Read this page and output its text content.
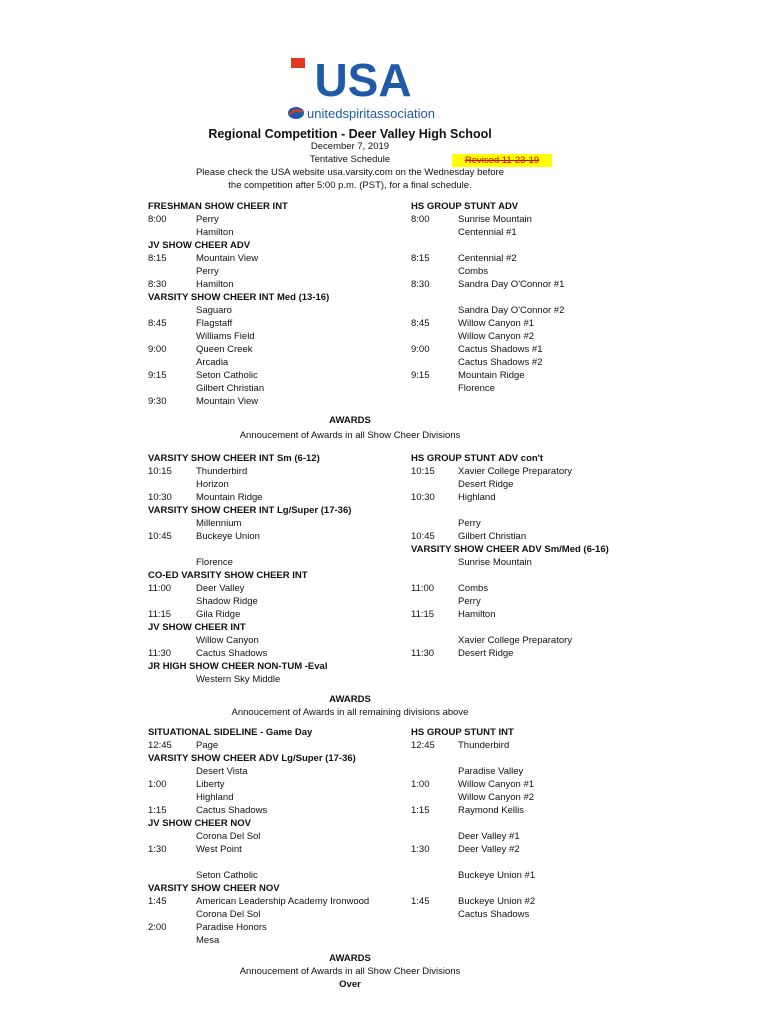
USA
unitedspiritassociation
Regional Competition - Deer Valley High School
December 7, 2019
Tentative Schedule	Revised 11-23-19
Please check the USA website usa.varsity.com on the Wednesday before
the competition after 5:00 p.m. (PST), for a final schedule.
FRESHMAN SHOW CHEER INT
8:00	Perry
Hamilton
JV SHOW CHEER ADV
8:15	Mountain View
Perry
8:30	Hamilton
VARSITY SHOW CHEER INT Med (13-16)
Saguaro
8:45	Flagstaff
Williams Field
9:00	Queen Creek
Arcadia
9:15	Seton Catholic
Gilbert Christian
9:30	Mountain View
HS GROUP STUNT ADV
8:00	Sunrise Mountain
Centennial #1
8:15	Centennial #2
Combs
8:30	Sandra Day O'Connor #1
Sandra Day O'Connor #2
8:45	Willow Canyon #1
Willow Canyon #2
9:00	Cactus Shadows #1
Cactus Shadows #2
9:15	Mountain Ridge
Florence
VARSITY SHOW CHEER INT Sm (6-12)
10:15	Thunderbird
Horizon
10:30	Mountain Ridge
VARSITY SHOW CHEER INT Lg/Super (17-36)
Millennium
10:45	Buckeye Union
Florence
CO-ED VARSITY SHOW CHEER INT
11:00	Deer Valley
Shadow Ridge
11:15	Gila Ridge
JV SHOW CHEER INT
Willow Canyon
11:30	Cactus Shadows
JR HIGH SHOW CHEER NON-TUM -Eval
Western Sky Middle
HS GROUP STUNT ADV con't
10:15 Xavier College Preparatory
Desert Ridge
10:30 Highland
Perry
10:45 Gilbert Christian
VARSITY SHOW CHEER ADV Sm/Med (6-16)
Sunrise Mountain
11:00	Combs
Perry
11:15	Hamilton
Xavier College Preparatory
11:30	Desert Ridge
SITUATIONAL SIDELINE - Game Day
12:45	Page
VARSITY SHOW CHEER ADV Lg/Super (17-36)
Desert Vista
1:00	Liberty
Highland
1:15	Cactus Shadows
JV SHOW CHEER NOV
Corona Del Sol
1:30	West Point
Seton Catholic
VARSITY SHOW CHEER NOV
1:45	American Leadership Academy Ironwood
Corona Del Sol
2:00	Paradise Honors
Mesa
HS GROUP STUNT INT
12:45 Thunderbird
Paradise Valley
1:00	Willow Canyon #1
Willow Canyon #2
1:15	Raymond Kellis
Deer Valley #1
1:30	Deer Valley #2
Buckeye Union #1
1:45	Buckeye Union #2
Cactus Shadows
AWARDS
Annoucement of Awards in all Show Cheer Divisions
AWARDS
Annoucement of Awards in all remaining divisions above
AWARDS
Annoucement of Awards in all Show Cheer Divisions
Over
